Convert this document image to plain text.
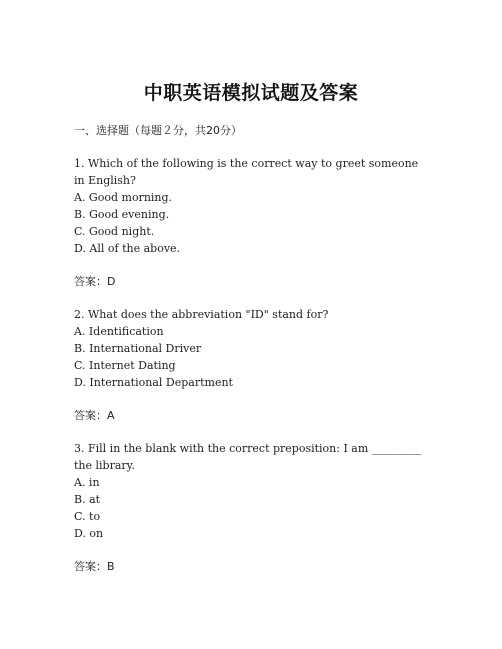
中职英语模拟试题及答案

一、选择题（每题２分，共20分）

1. Which of the following is the correct way to greet someone in English?

A. Good morning.
B. Good evening.
C. Good night.
D. All of the above.

答案：D

2. What does the abbreviation "ID" stand for?

A. Identification
B. International Driver
C. Internet Dating
D. International Department

答案：A

3. Fill in the blank with the correct preposition: I am _________ the library.

A. in
B. at
C. to
D. on

答案：B
